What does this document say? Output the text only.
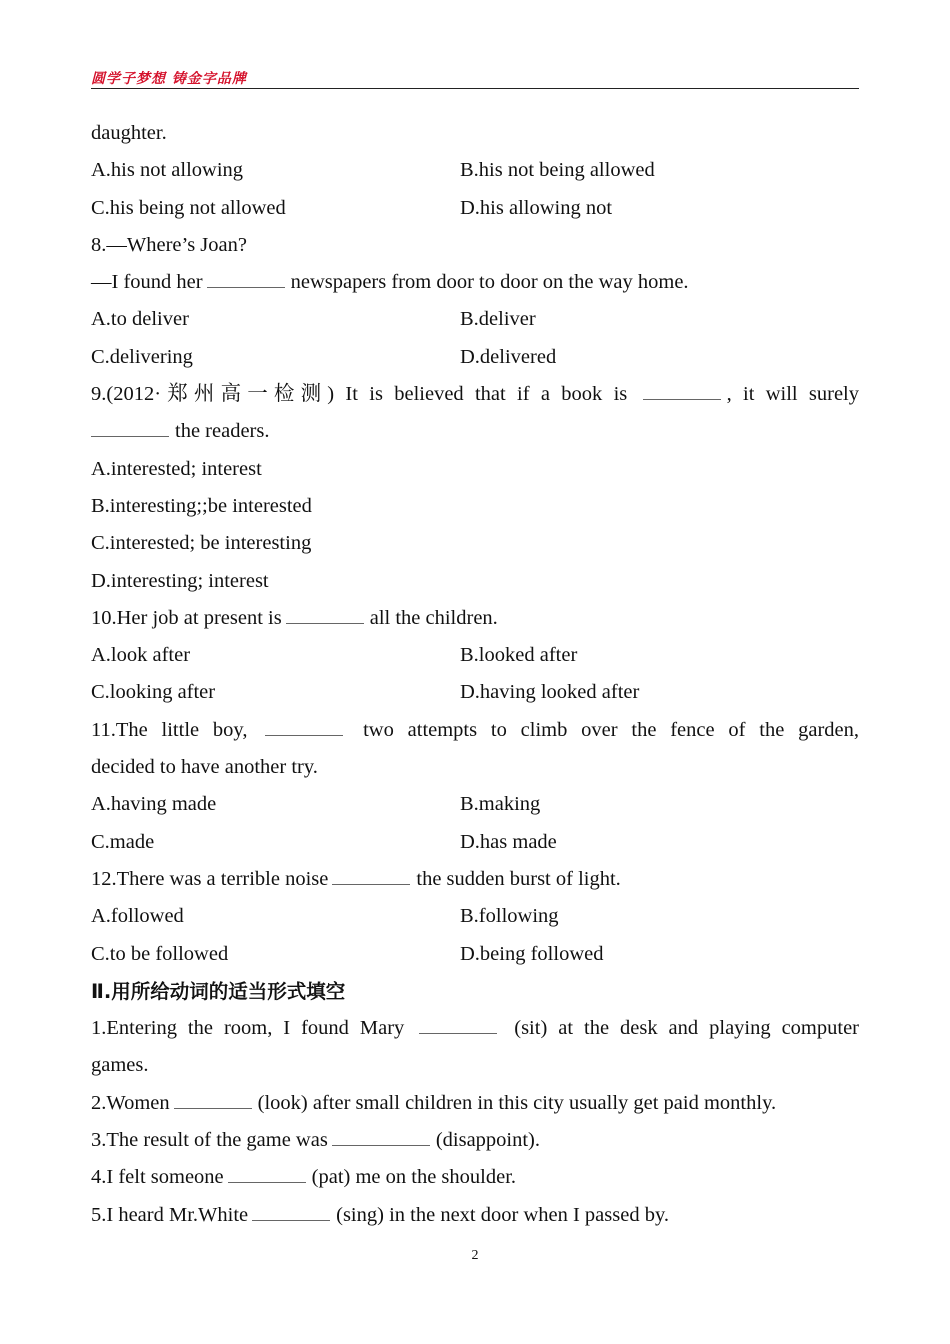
圆学子梦想 铸金字品牌
daughter.
A.his not allowing	B.his not being allowed
C.his being not allowed	D.his allowing not
8.—Where’s Joan?
—I found her	newspapers from door to door on the way home.
A.to deliver	B.deliver
C.delivering	D.delivered
9.(2012·郑州高一检测) It is believed that if a book is	, it will surely
the readers.
A.interested; interest
B.interesting;;be interested
C.interested; be interesting
D.interesting; interest
10.Her job at present is	all the children.
A.look after	B.looked after
C.looking after	D.having looked after
11.The little boy,	two attempts to climb over the fence of the garden,
decided to have another try.
A.having made	B.making
C.made	D.has made
12.There was a terrible noise	the sudden burst of light.
A.followed	B.following
C.to be followed	D.being followed
Ⅱ.用所给动词的适当形式填空
1.Entering the room, I found Mary	(sit) at the desk and playing computer
games.
2.Women	(look) after small children in this city usually get paid monthly.
3.The result of the game was	(disappoint).
4.I felt someone	(pat) me on the shoulder.
5.I heard Mr.White	(sing) in the next door when I passed by.
2
